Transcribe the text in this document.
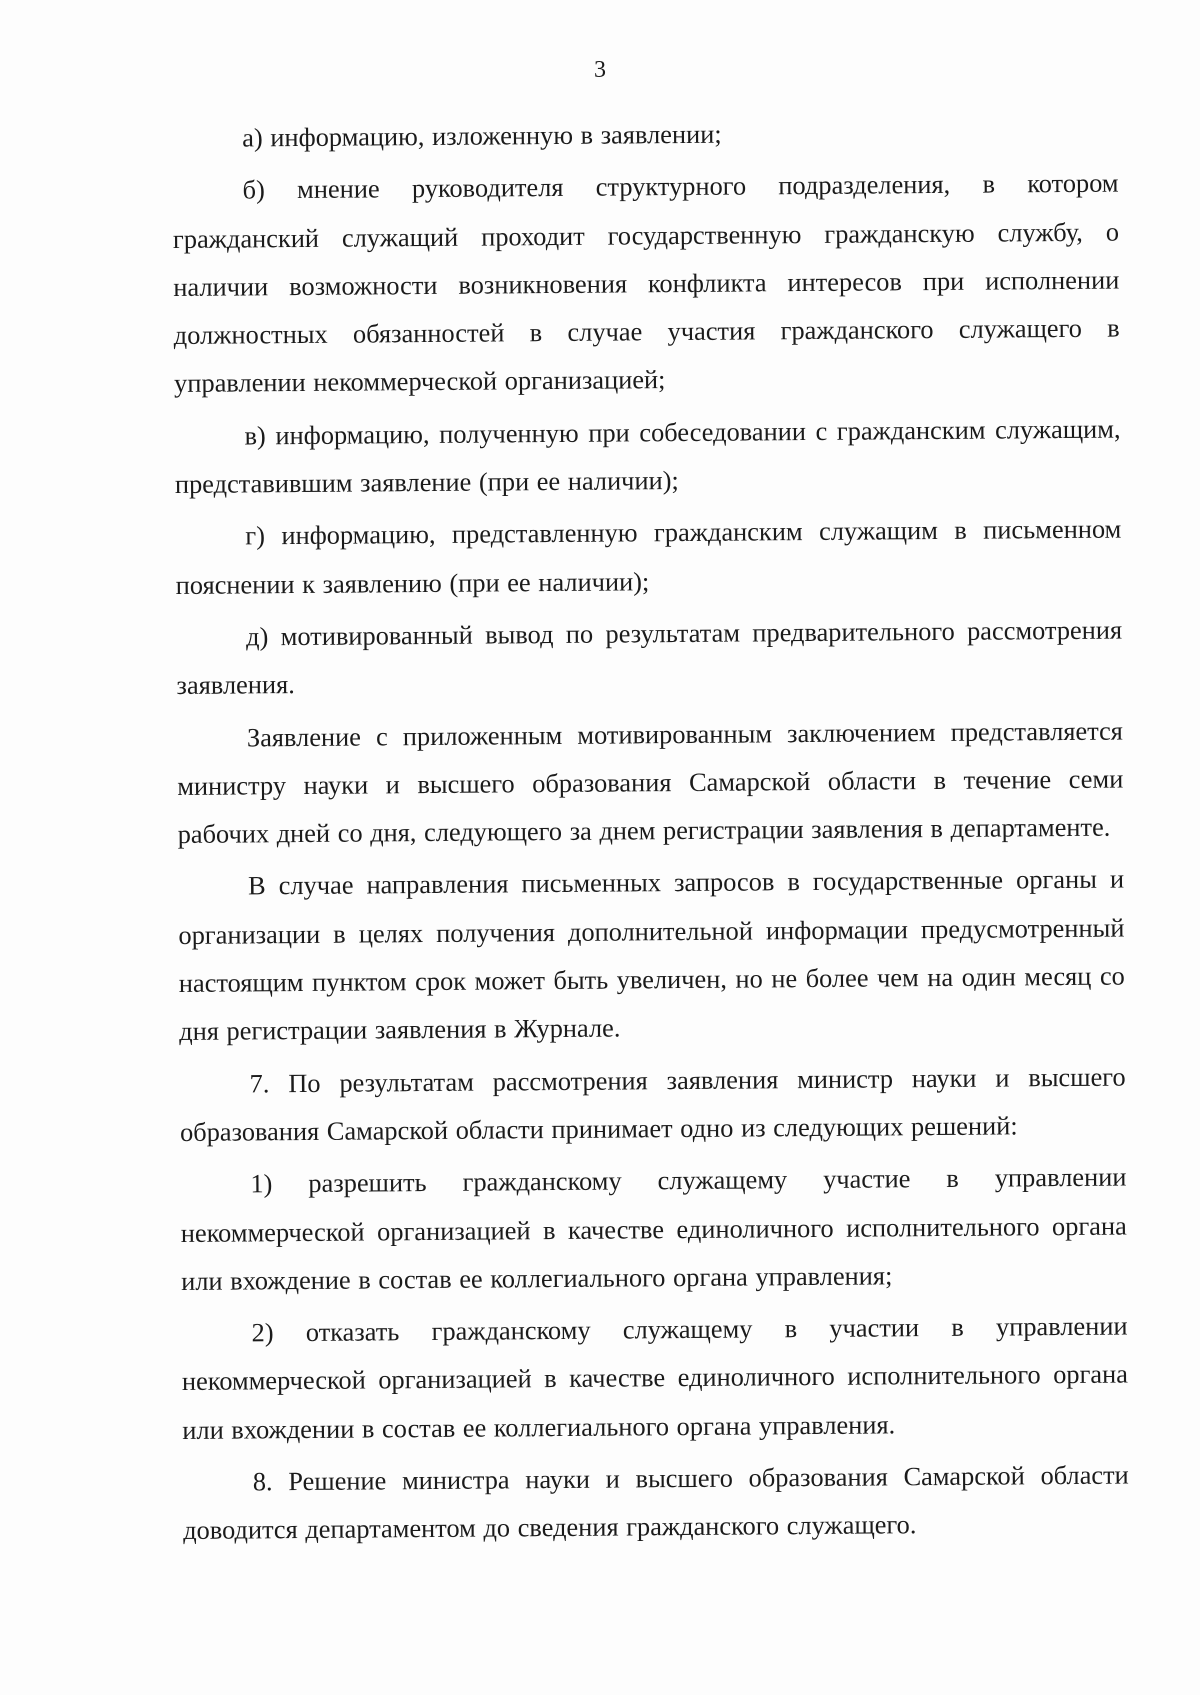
3

а) информацию, изложенную в заявлении;

б) мнение руководителя структурного подразделения, в котором гражданский служащий проходит государственную гражданскую службу, о наличии возможности возникновения конфликта интересов при исполнении должностных обязанностей в случае участия гражданского служащего в управлении некоммерческой организацией;

в) информацию, полученную при собеседовании с гражданским служащим, представившим заявление (при ее наличии);

г) информацию, представленную гражданским служащим в письменном пояснении к заявлению (при ее наличии);

д) мотивированный вывод по результатам предварительного рассмотрения заявления.

Заявление с приложенным мотивированным заключением представляется министру науки и высшего образования Самарской области в течение семи рабочих дней со дня, следующего за днем регистрации заявления в департаменте.

В случае направления письменных запросов в государственные органы и организации в целях получения дополнительной информации предусмотренный настоящим пунктом срок может быть увеличен, но не более чем на один месяц со дня регистрации заявления в Журнале.

7. По результатам рассмотрения заявления министр науки и высшего образования Самарской области принимает одно из следующих решений:

1) разрешить гражданскому служащему участие в управлении некоммерческой организацией в качестве единоличного исполнительного органа или вхождение в состав ее коллегиального органа управления;

2) отказать гражданскому служащему в участии в управлении некоммерческой организацией в качестве единоличного исполнительного органа или вхождении в состав ее коллегиального органа управления.

8. Решение министра науки и высшего образования Самарской области доводится департаментом до сведения гражданского служащего.
